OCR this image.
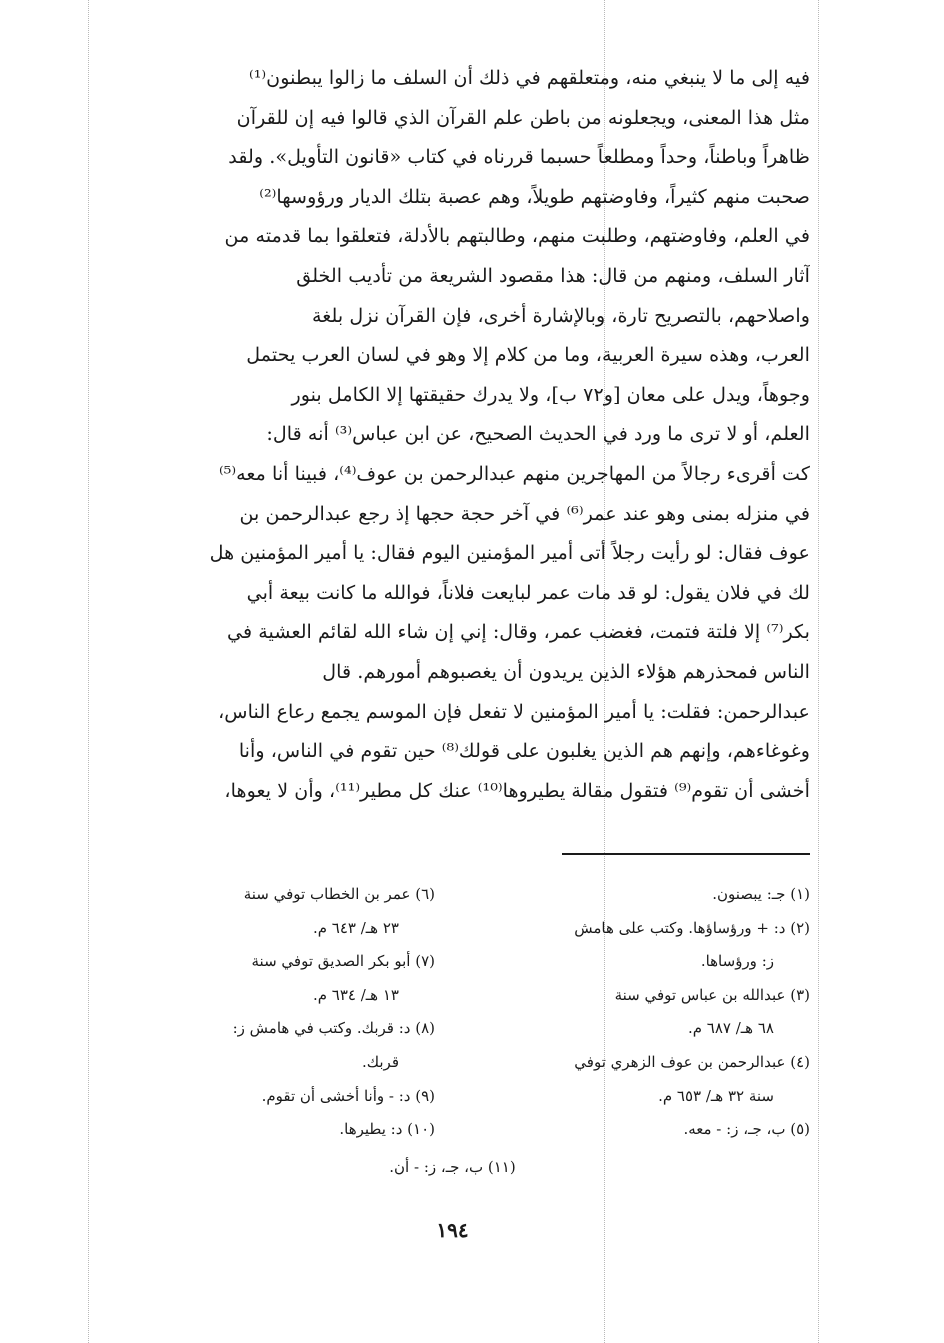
فيه إلى ما لا ينبغي منه، ومتعلقهم في ذلك أن السلف ما زالوا يبطنون⁽¹⁾
مثل هذا المعنى، ويجعلونه من باطن علم القرآن الذي قالوا فيه إن للقرآن
ظاهراً وباطناً، وحداً ومطلعاً حسبما قررناه في كتاب «قانون التأويل». ولقد
صحبت منهم كثيراً، وفاوضتهم طويلاً، وهم عصبة بتلك الديار ورؤوسها⁽²⁾
في العلم، وفاوضتهم، وطلبت منهم، وطالبتهم بالأدلة، فتعلقوا بما قدمته من
آثار السلف، ومنهم من قال: هذا مقصود الشريعة من تأديب الخلق
واصلاحهم، بالتصريح تارة، وبالإشارة أخرى، فإن القرآن نزل بلغة
العرب، وهذه سيرة العربية، وما من كلام إلا وهو في لسان العرب يحتمل
وجوهاً، ويدل على معان [و٧٢ ب]، ولا يدرك حقيقتها إلا الكامل بنور
العلم، أو لا ترى ما ورد في الحديث الصحيح، عن ابن عباس⁽³⁾ أنه قال:
كت أقرىء رجالاً من المهاجرين منهم عبدالرحمن بن عوف⁽⁴⁾، فبينا أنا معه⁽⁵⁾
في منزله بمنى وهو عند عمر⁽⁶⁾ في آخر حجة حجها إذ رجع عبدالرحمن بن
عوف فقال: لو رأيت رجلاً أتى أمير المؤمنين اليوم فقال: يا أمير المؤمنين هل
لك في فلان يقول: لو قد مات عمر لبايعت فلاناً، فوالله ما كانت بيعة أبي
بكر⁽⁷⁾ إلا فلتة فتمت، فغضب عمر، وقال: إني إن شاء الله لقائم العشية في
الناس فمحذرهم هؤلاء الذين يريدون أن يغصبوهم أمورهم. قال
عبدالرحمن: فقلت: يا أمير المؤمنين لا تفعل فإن الموسم يجمع رعاع الناس،
وغوغاءهم، وإنهم هم الذين يغلبون على قولك⁽⁸⁾ حين تقوم في الناس، وأنا
أخشى أن تقوم⁽⁹⁾ فتقول مقالة يطيروها⁽¹⁰⁾ عنك كل مطير⁽¹¹⁾، وأن لا يعوها،
(١) جـ: يبصنون.
(٢) د: + ورؤساؤها. وكتب على هامش
ز: ورؤساها.
(٣) عبدالله بن عباس توفي سنة
٦٨ هـ/ ٦٨٧ م.
(٤) عبدالرحمن بن عوف الزهري توفي
سنة ٣٢ هـ/ ٦٥٣ م.
(٥) ب، جـ، ز: - معه.
(٦) عمر بن الخطاب توفي سنة
٢٣ هـ/ ٦٤٣ م.
(٧) أبو بكر الصديق توفي سنة
١٣ هـ/ ٦٣٤ م.
(٨) د: قربك. وكتب في هامش ز:
قربك.
(٩) د: - وأنا أخشى أن تقوم.
(١٠) د: يطيرها.
(١١) ب، جـ، ز: - أن.
١٩٤
